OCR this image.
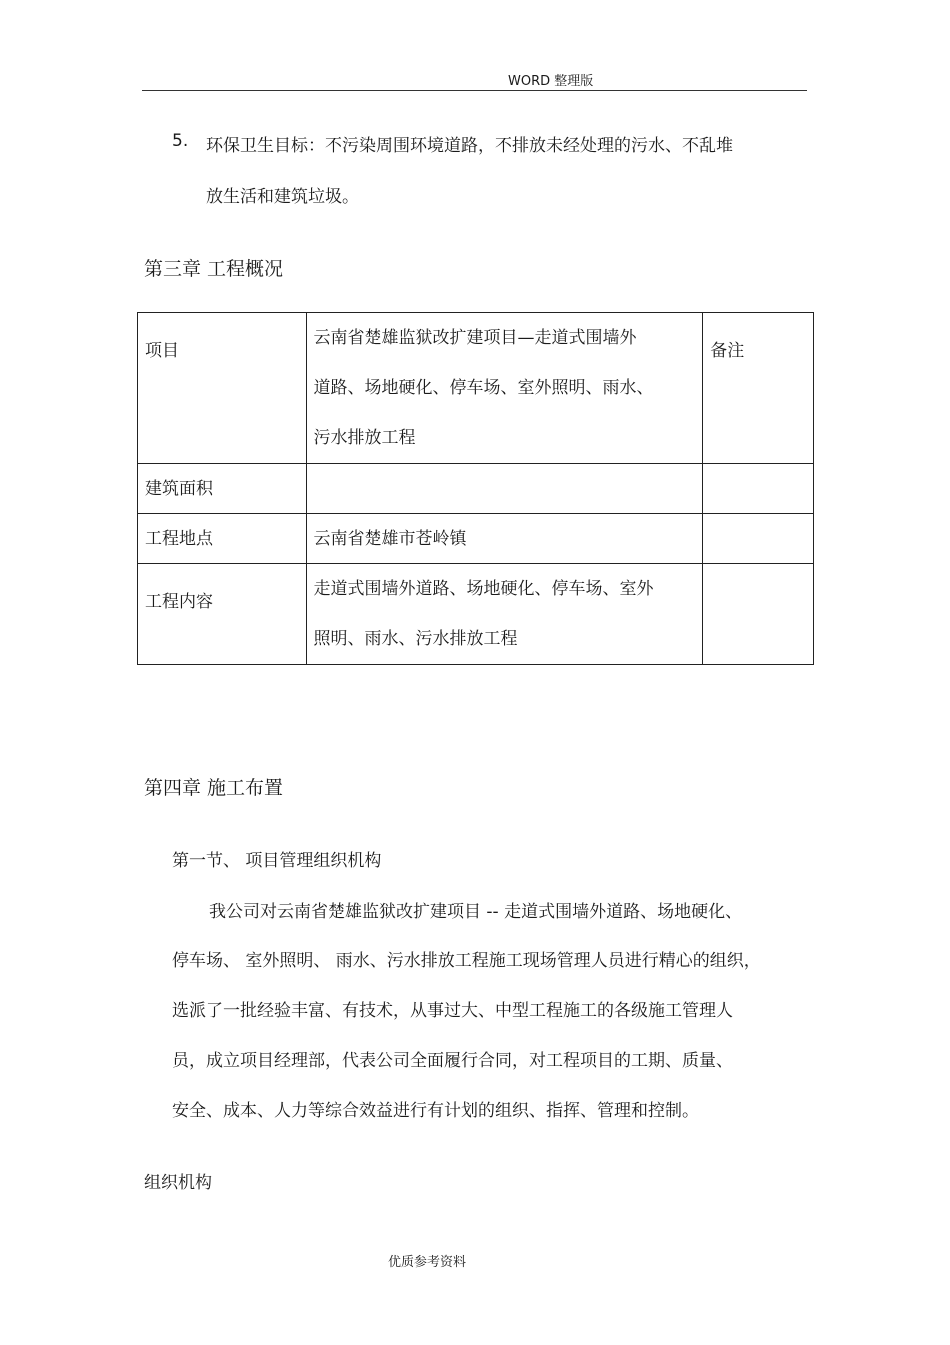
WORD 整理版
5. 环保卫生目标：不污染周围环境道路，不排放未经处理的污水、不乱堆
放生活和建筑垃圾。
第三章 工程概况
项目	云南省楚雄监狱改扩建项目—走道式围墙外
道路、场地硬化、停车场、室外照明、雨水、
污水排放工程	备注
建筑面积		
工程地点	云南省楚雄市苍岭镇	
工程内容	走道式围墙外道路、场地硬化、停车场、室外
照明、雨水、污水排放工程	

第四章 施工布置
第一节、 项目管理组织机构
我公司对云南省楚雄监狱改扩建项目 -- 走道式围墙外道路、场地硬化、
停车场、 室外照明、 雨水、污水排放工程施工现场管理人员进行精心的组织，
选派了一批经验丰富、有技术，从事过大、中型工程施工的各级施工管理人
员，成立项目经理部，代表公司全面履行合同，对工程项目的工期、质量、
安全、成本、人力等综合效益进行有计划的组织、指挥、管理和控制。
组织机构
优质参考资料
